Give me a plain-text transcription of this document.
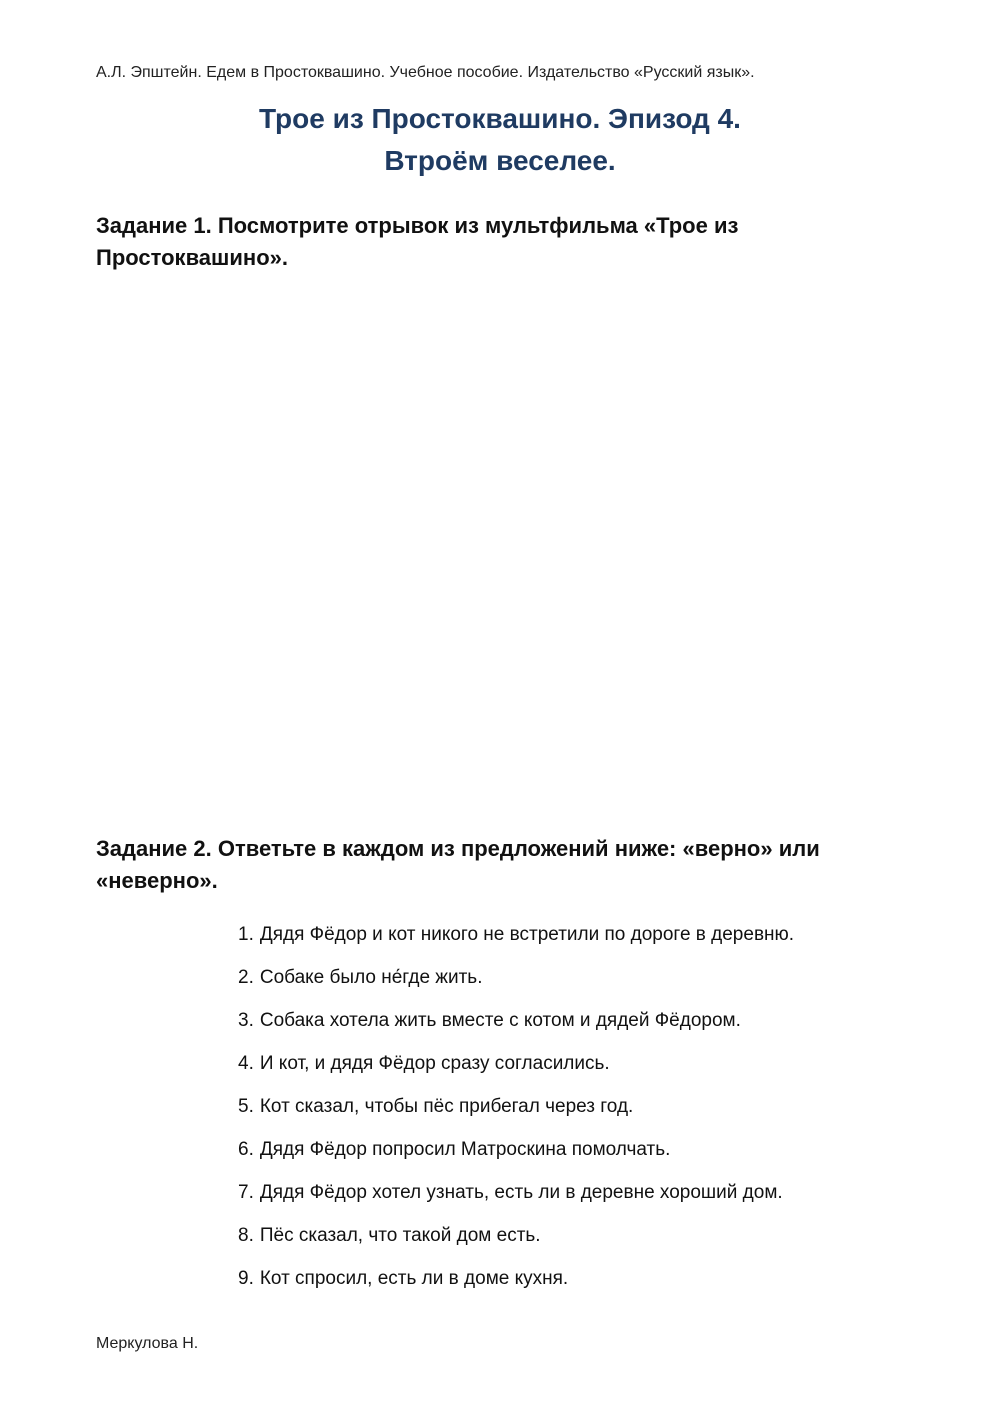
А.Л. Эпштейн. Едем в Простоквашино. Учебное пособие. Издательство «Русский язык».
Трое из Простоквашино. Эпизод 4.
Втроём веселее.
Задание 1. Посмотрите отрывок из мультфильма «Трое из Простоквашино».
Задание 2. Ответьте в каждом из предложений ниже: «верно» или «неверно».
1. Дядя Фёдор и кот никого не встретили по дороге в деревню.
2. Собаке было не́где жить.
3. Собака хотела жить вместе с котом и дядей Фёдором.
4. И кот, и дядя Фёдор сразу согласились.
5. Кот сказал, чтобы пёс прибегал через год.
6. Дядя Фёдор попросил Матроскина помолчать.
7. Дядя Фёдор хотел узнать, есть ли в деревне хороший дом.
8. Пёс сказал, что такой дом есть.
9. Кот спросил, есть ли в доме кухня.
Меркулова Н.
